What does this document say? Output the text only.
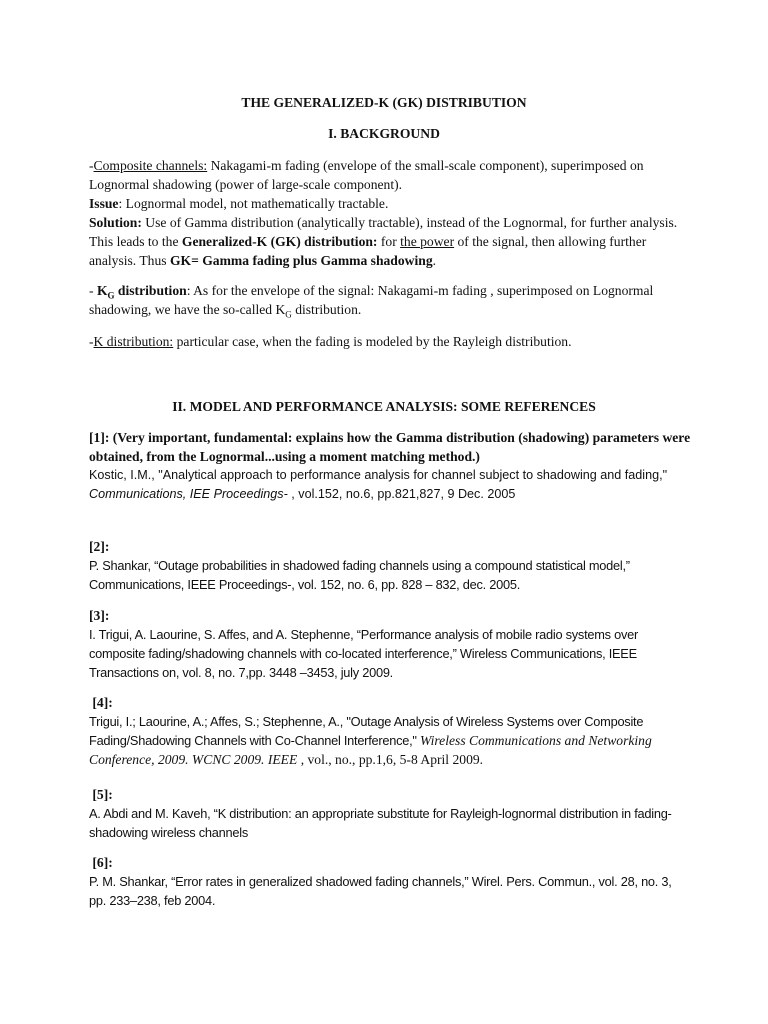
THE GENERALIZED-K (GK) DISTRIBUTION
I. BACKGROUND

-Composite channels: Nakagami-m fading (envelope of the small-scale component), superimposed on Lognormal shadowing (power of large-scale component).
Issue: Lognormal model, not mathematically tractable.
Solution: Use of Gamma distribution (analytically tractable), instead of the Lognormal, for further analysis. This leads to the Generalized-K (GK) distribution: for the power of the signal, then allowing further analysis. Thus GK= Gamma fading plus Gamma shadowing.

- $K_G$ distribution: As for the envelope of the signal: Nakagami-m fading , superimposed on Lognormal shadowing, we have the so-called $K_G$ distribution.

-K distribution: particular case, when the fading is modeled by the Rayleigh distribution.

II. MODEL AND PERFORMANCE ANALYSIS: SOME REFERENCES
[1]: (Very important, fundamental: explains how the Gamma distribution (shadowing) parameters were obtained, from the Lognormal...using a moment matching method.)
Kostic, I.M., "Analytical approach to performance analysis for channel subject to shadowing and fading,"
Communications, IEE Proceedings- , vol.152, no.6, pp.821,827, 9 Dec. 2005
[2]:
P. Shankar, “Outage probabilities in shadowed fading channels using a compound statistical model,” Communications, IEEE Proceedings-, vol. 152, no. 6, pp. 828 – 832, dec. 2005.
[3]:
I. Trigui, A. Laourine, S. Affes, and A. Stephenne, “Performance analysis of mobile radio systems over composite fading/shadowing channels with co-located interference,” Wireless Communications, IEEE Transactions on, vol. 8, no. 7,pp. 3448 –3453, july 2009.
[4]:
Trigui, I.; Laourine, A.; Affes, S.; Stephenne, A., "Outage Analysis of Wireless Systems over Composite Fading/Shadowing Channels with Co-Channel Interference," Wireless Communications and Networking Conference, 2009. WCNC 2009. IEEE , vol., no., pp.1,6, 5-8 April 2009.
[5]:
A. Abdi and M. Kaveh, “K distribution: an appropriate substitute for Rayleigh-lognormal distribution in fading-shadowing wireless channels
[6]:
P. M. Shankar, “Error rates in generalized shadowed fading channels,” Wirel. Pers. Commun., vol. 28, no. 3, pp. 233–238, feb 2004.
